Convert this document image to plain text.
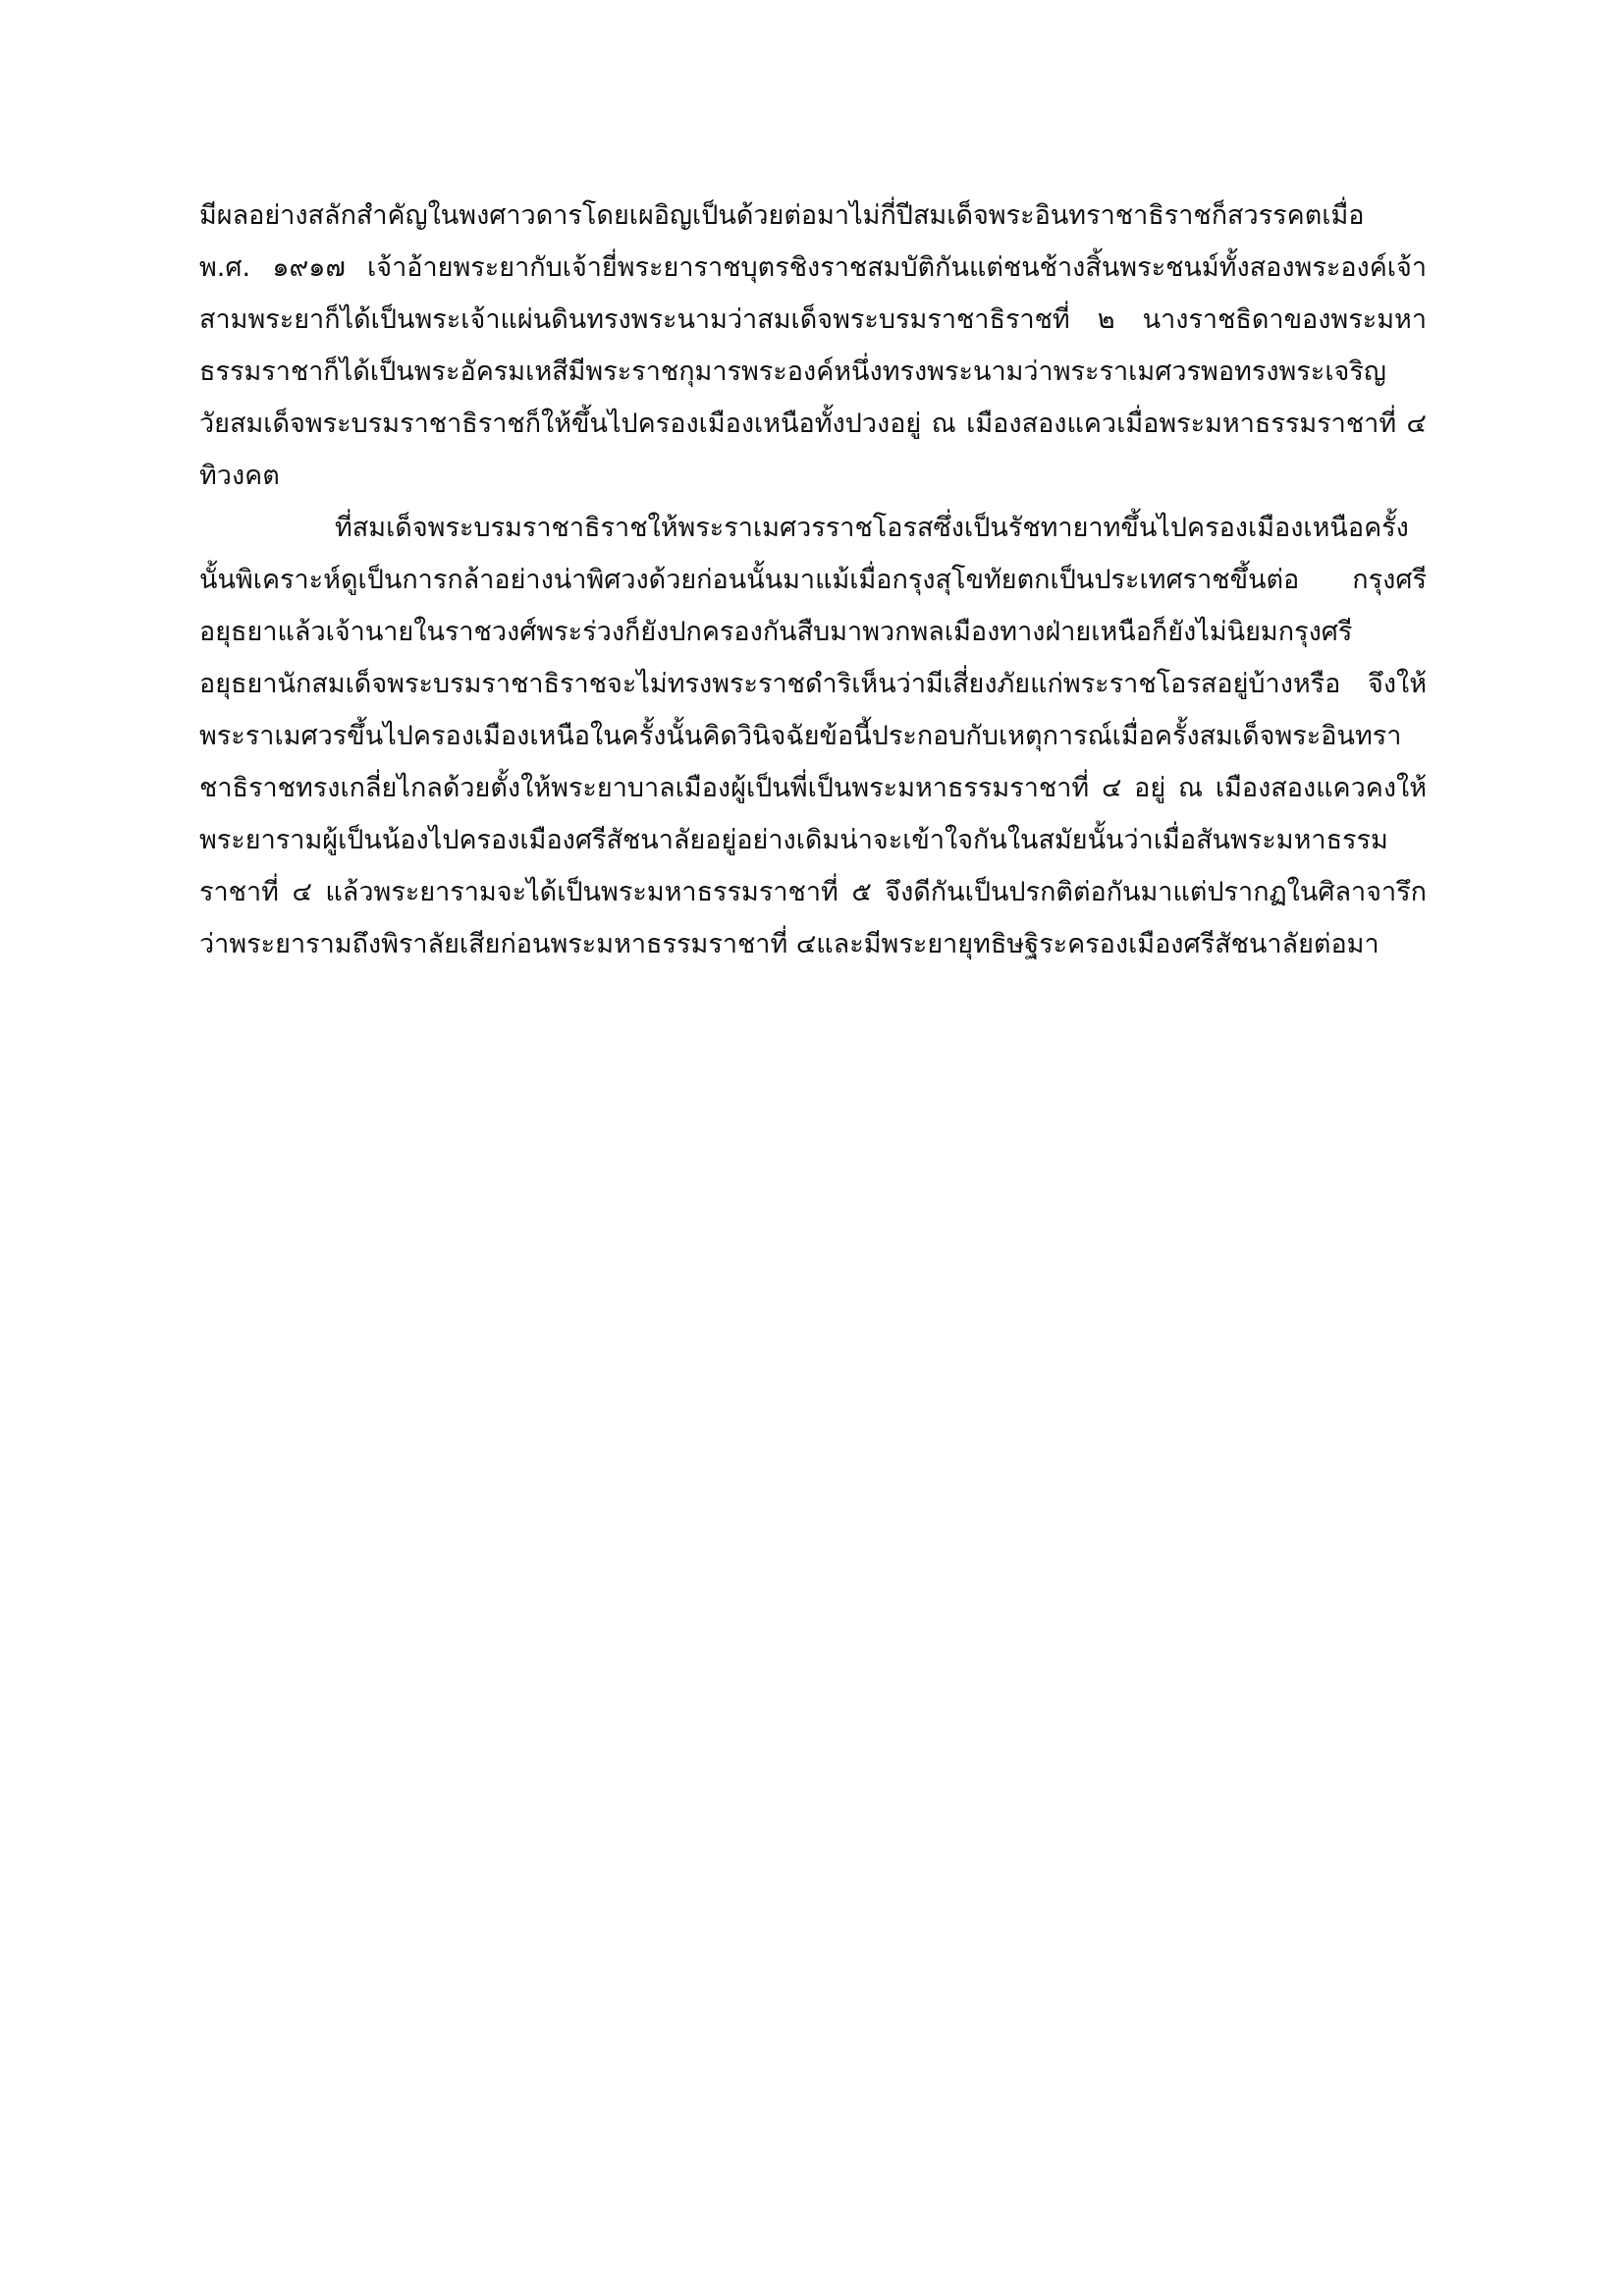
มีผลอย่างสลักสำคัญในพงศาวดารโดยเผอิญเป็นด้วยต่อมาไม่กี่ปีสมเด็จพระอินทราชาธิราชก็สวรรคตเมื่อ
พ.ศ. ๑๙๑๗ เจ้าอ้ายพระยากับเจ้ายี่พระยาราชบุตรชิงราชสมบัติกันแต่ชนช้างสิ้นพระชนม์ทั้งสองพระองค์เจ้า
สามพระยาก็ได้เป็นพระเจ้าแผ่นดินทรงพระนามว่าสมเด็จพระบรมราชาธิราชที่ ๒ นางราชธิดาของพระมหา
ธรรมราชาก็ได้เป็นพระอัครมเหสีมีพระราชกุมารพระองค์หนึ่งทรงพระนามว่าพระราเมศวรพอทรงพระเจริญ
วัยสมเด็จพระบรมราชาธิราชก็ให้ขึ้นไปครองเมืองเหนือทั้งปวงอยู่ ณ เมืองสองแควเมื่อพระมหาธรรมราชาที่ ๔
ทิวงคต
ที่สมเด็จพระบรมราชาธิราชให้พระราเมศวรราชโอรสซึ่งเป็นรัชทายาทขึ้นไปครองเมืองเหนือครั้ง
นั้นพิเคราะห์ดูเป็นการกล้าอย่างน่าพิศวงด้วยก่อนนั้นมาแม้เมื่อกรุงสุโขทัยตกเป็นประเทศราชขึ้นต่อ กรุงศรี
อยุธยาแล้วเจ้านายในราชวงศ์พระร่วงก็ยังปกครองกันสืบมาพวกพลเมืองทางฝ่ายเหนือก็ยังไม่นิยมกรุงศรี
อยุธยานักสมเด็จพระบรมราชาธิราชจะไม่ทรงพระราชดำริเห็นว่ามีเสี่ยงภัยแก่พระราชโอรสอยู่บ้างหรือ จึงให้
พระราเมศวรขึ้นไปครองเมืองเหนือในครั้งนั้นคิดวินิจฉัยข้อนี้ประกอบกับเหตุการณ์เมื่อครั้งสมเด็จพระอินทรา
ชาธิราชทรงเกลี่ยไกลด้วยตั้งให้พระยาบาลเมืองผู้เป็นพี่เป็นพระมหาธรรมราชาที่ ๔ อยู่ ณ เมืองสองแควคงให้
พระยารามผู้เป็นน้องไปครองเมืองศรีสัชนาลัยอยู่อย่างเดิมน่าจะเข้าใจกันในสมัยนั้นว่าเมื่อสันพระมหาธรรม
ราชาที่ ๔ แล้วพระยารามจะได้เป็นพระมหาธรรมราชาที่ ๕ จึงดีกันเป็นปรกติต่อกันมาแต่ปรากฏในศิลาจารึก
ว่าพระยารามถึงพิราลัยเสียก่อนพระมหาธรรมราชาที่ ๔และมีพระยายุทธิษฐิระครองเมืองศรีสัชนาลัยต่อมา
